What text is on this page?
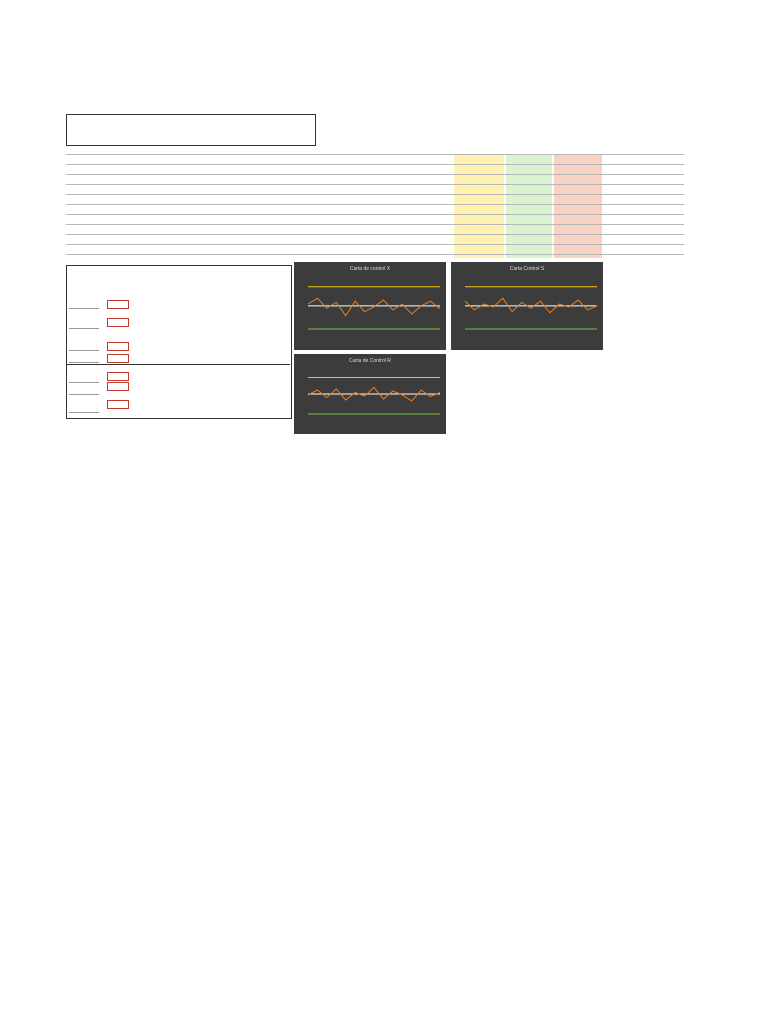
Carta de control X	Carta Control S
Carta de Control R
